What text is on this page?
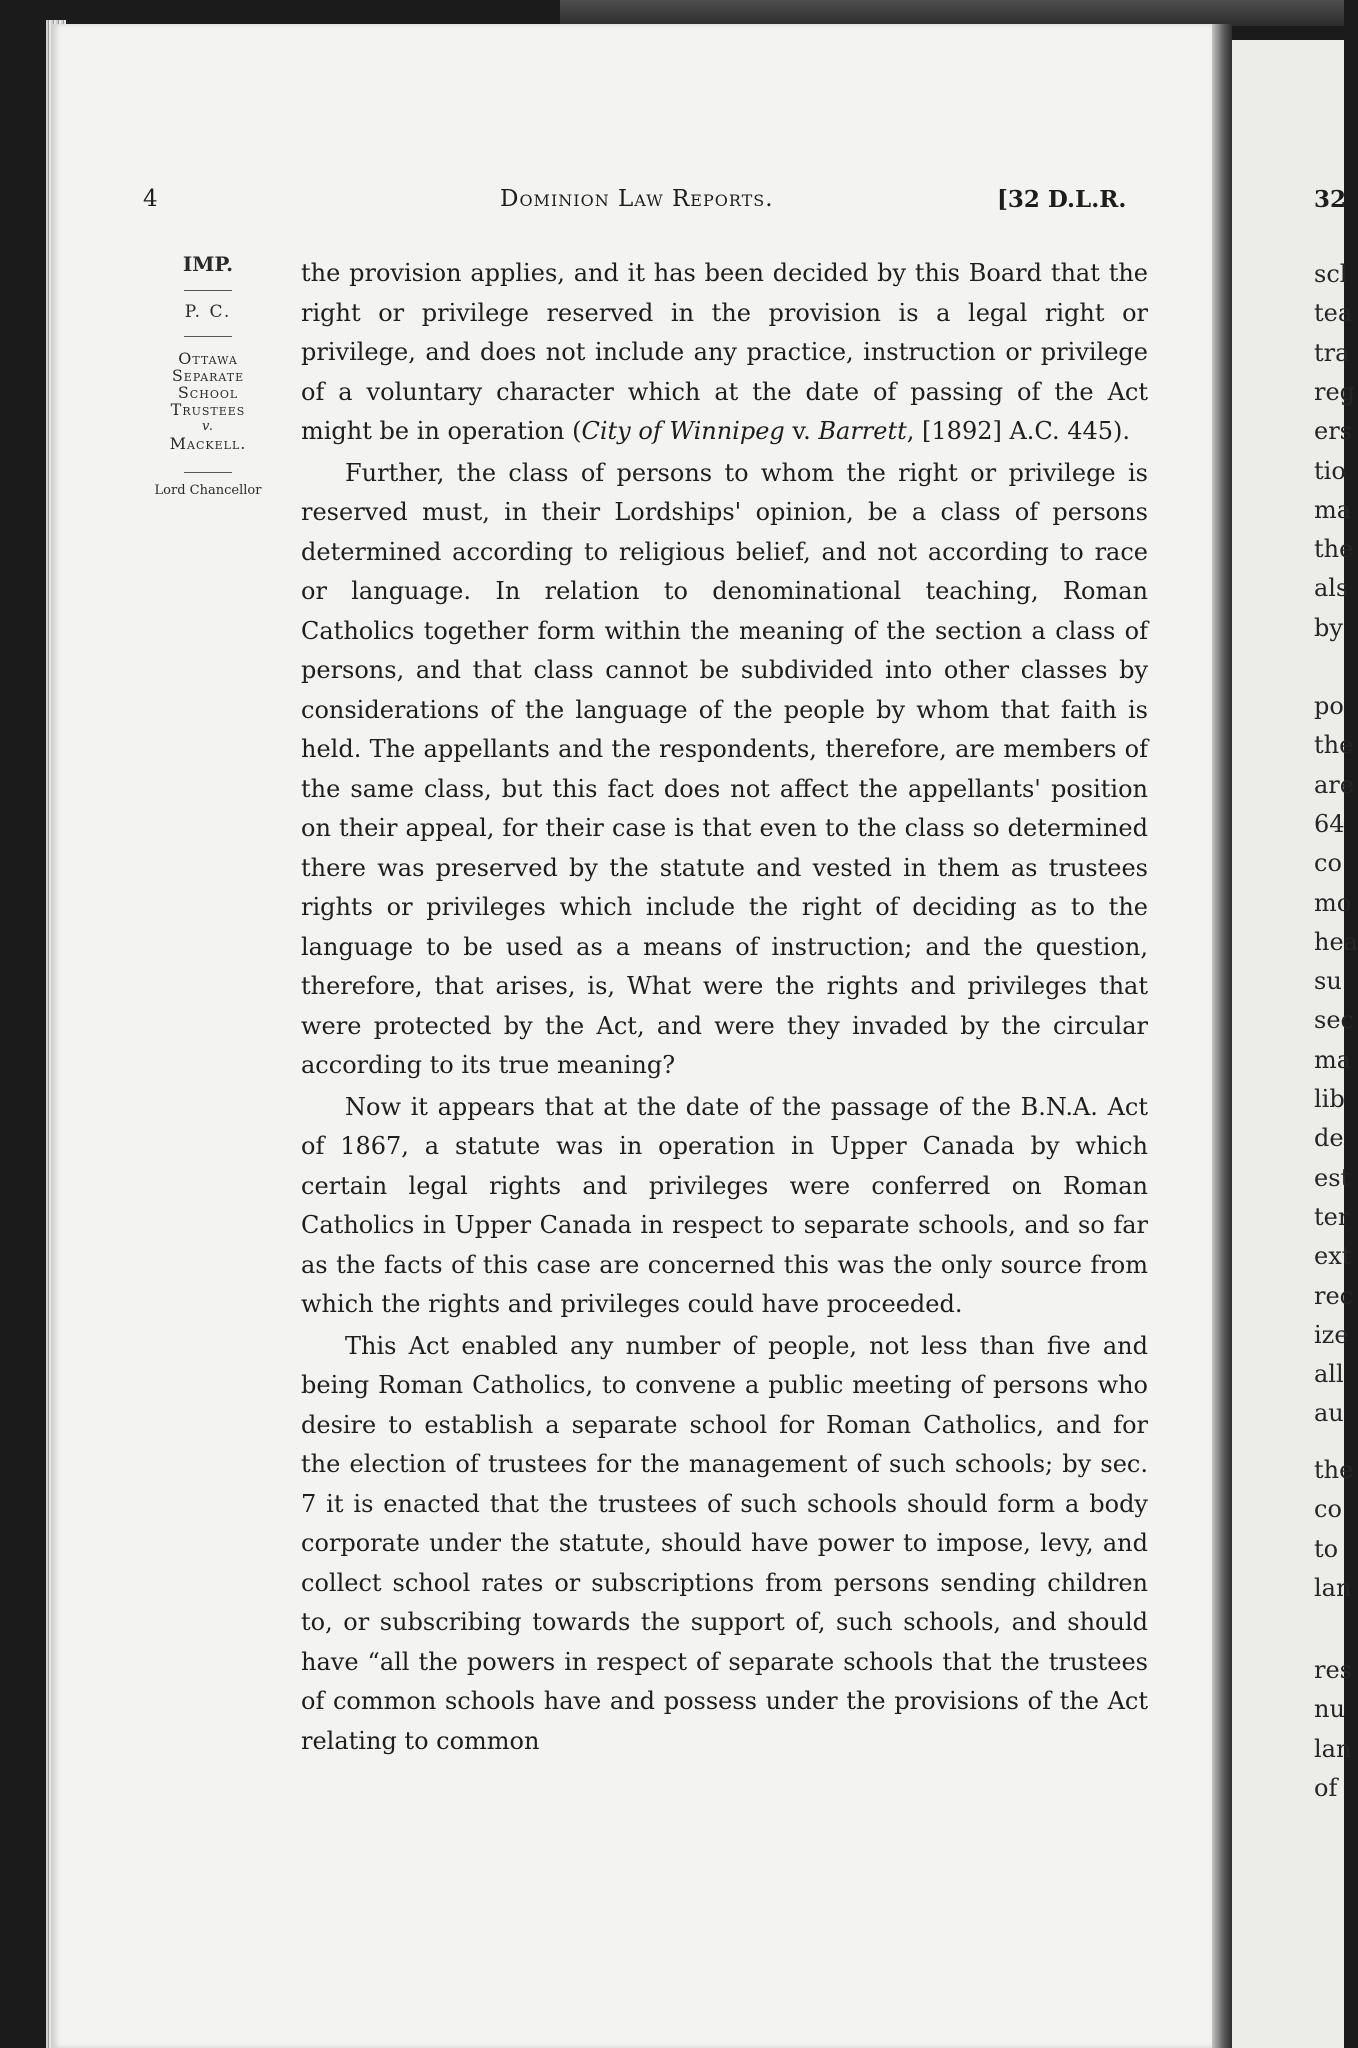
4	Dominion Law Reports.	[32 D.L.R.	32
IMP.
P. C.
Ottawa
Separate
School
Trustees
v.
Mackell.
Lord Chancellor

the provision applies, and it has been decided by this Board that the right or privilege reserved in the provision is a legal right or privilege, and does not include any practice, instruction or privilege of a voluntary character which at the date of passing of the Act might be in operation (City of Winnipeg v. Barrett, [1892] A.C. 445).

Further, the class of persons to whom the right or privilege is reserved must, in their Lordships' opinion, be a class of persons determined according to religious belief, and not according to race or language. In relation to denominational teaching, Roman Catholics together form within the meaning of the section a class of persons, and that class cannot be subdivided into other classes by considerations of the language of the people by whom that faith is held. The appellants and the respondents, therefore, are members of the same class, but this fact does not affect the appellants' position on their appeal, for their case is that even to the class so determined there was preserved by the statute and vested in them as trustees rights or privileges which include the right of deciding as to the language to be used as a means of instruction; and the question, therefore, that arises, is, What were the rights and privileges that were protected by the Act, and were they invaded by the circular according to its true meaning?

Now it appears that at the date of the passage of the B.N.A. Act of 1867, a statute was in operation in Upper Canada by which certain legal rights and privileges were conferred on Roman Catholics in Upper Canada in respect to separate schools, and so far as the facts of this case are concerned this was the only source from which the rights and privileges could have proceeded.

This Act enabled any number of people, not less than five and being Roman Catholics, to convene a public meeting of persons who desire to establish a separate school for Roman Catholics, and for the election of trustees for the management of such schools; by sec. 7 it is enacted that the trustees of such schools should form a body corporate under the statute, should have power to impose, levy, and collect school rates or subscriptions from persons sending children to, or subscribing towards the support of, such schools, and should have “all the powers in respect of separate schools that the trustees of common schools have and possess under the provisions of the Act relating to common

scl
tea
tra
reg
ers
tio
ma
the
als
by
po
the
are
64
co
mo
hea
su
sec
ma
lib
de
est
ter
ext
rec
ize
all
au
the
co
to
lan
res
nu
lan
of
